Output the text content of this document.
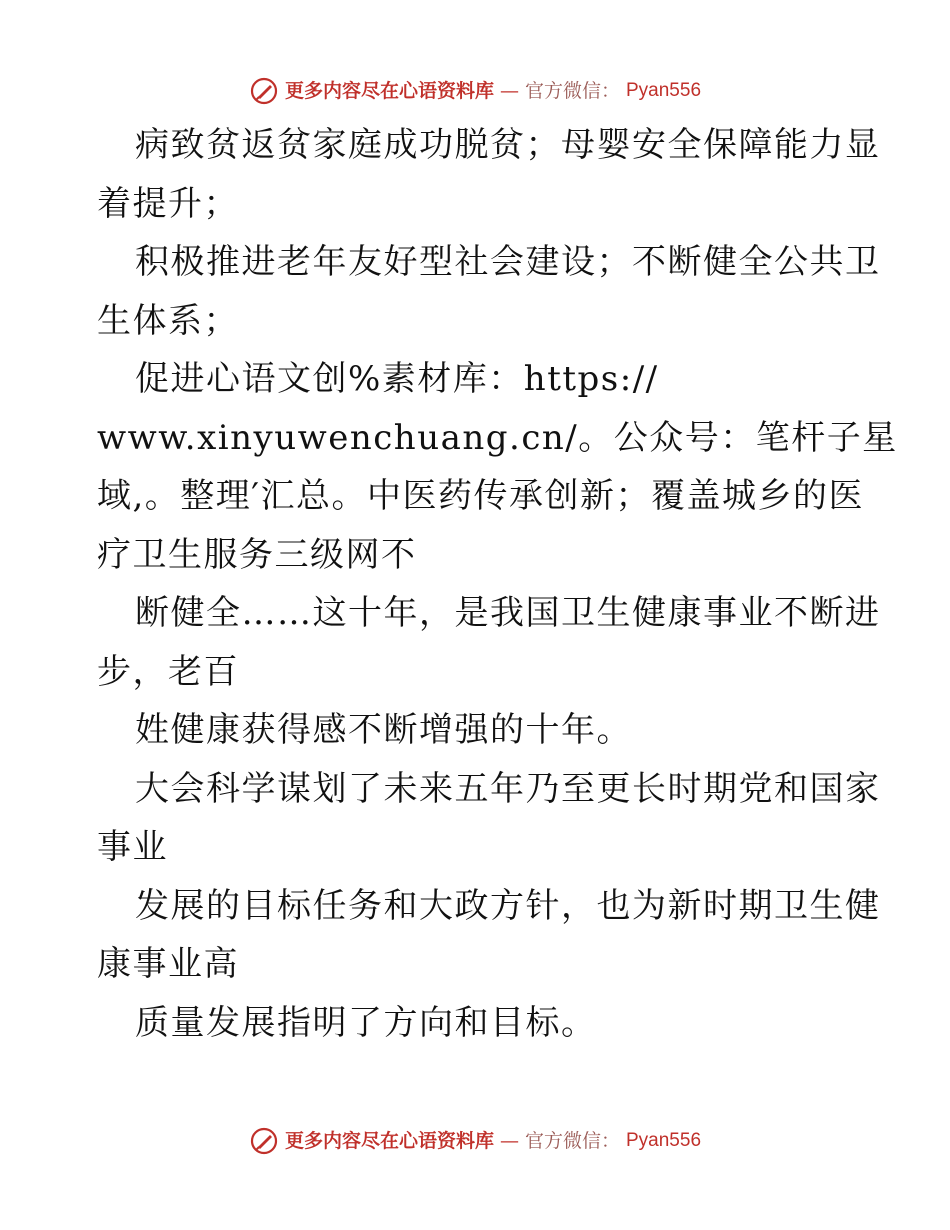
更多内容尽在心语资料库 — 官方微信： Pyan556

病致贫返贫家庭成功脱贫；母婴安全保障能力显
着提升；
积极推进老年友好型社会建设；不断健全公共卫
生体系；
促进心语文创%素材库：https://
www.xinyuwenchuang.cn/。公众号：笔杆子星
域,。整理′汇总。中医药传承创新；覆盖城乡的医
疗卫生服务三级网不
断健全……这十年，是我国卫生健康事业不断进
步，老百
姓健康获得感不断增强的十年。
大会科学谋划了未来五年乃至更长时期党和国家
事业
发展的目标任务和大政方针，也为新时期卫生健
康事业高
质量发展指明了方向和目标。

更多内容尽在心语资料库 — 官方微信： Pyan556
